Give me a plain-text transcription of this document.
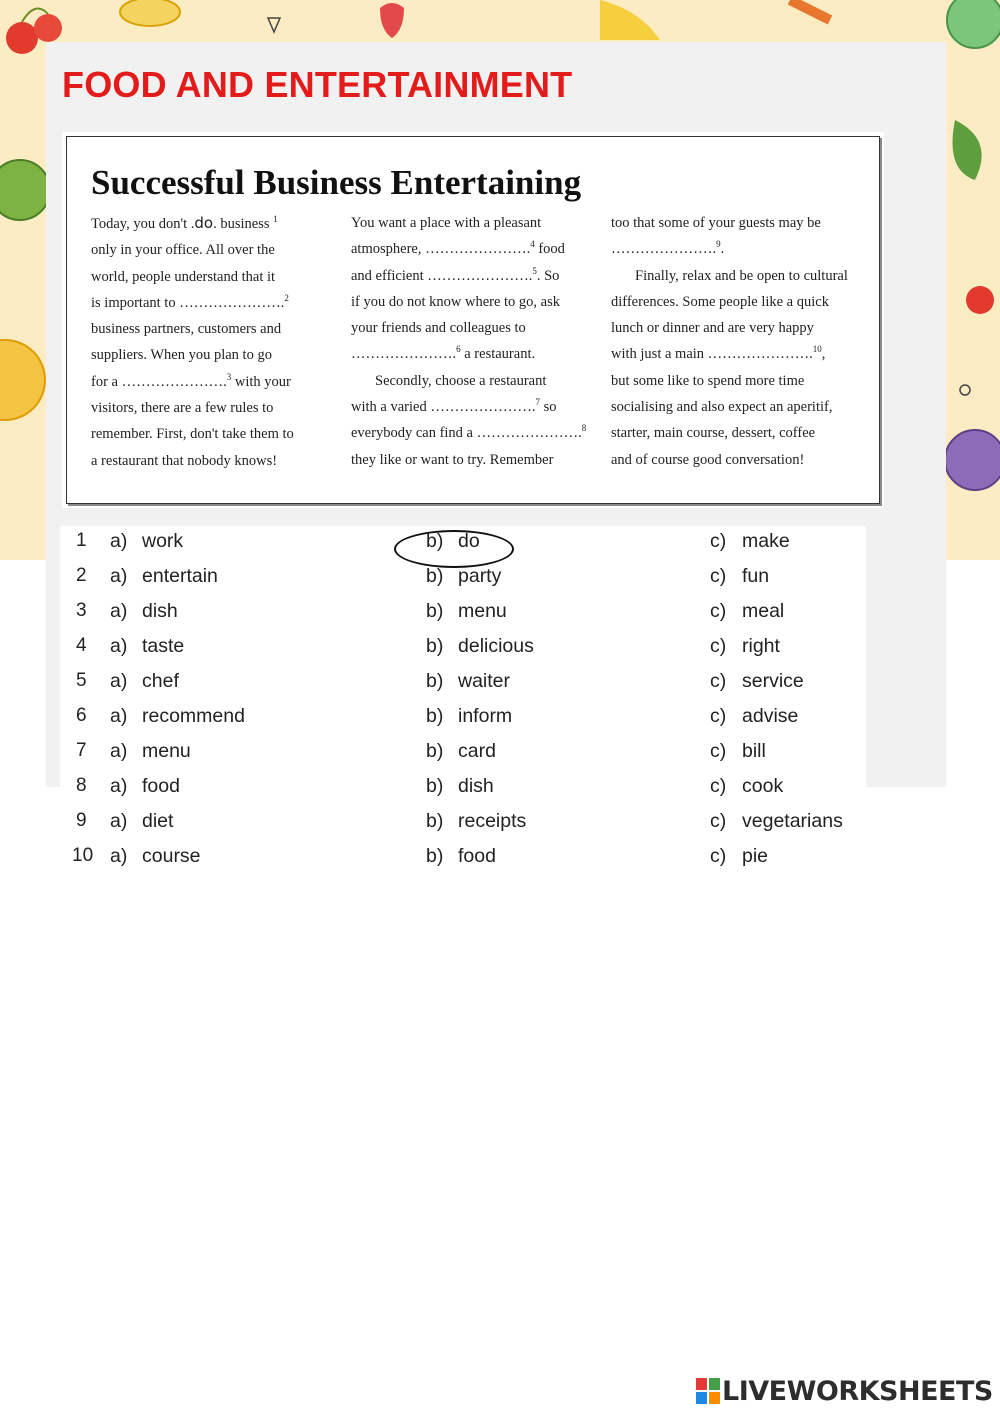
FOOD AND ENTERTAINMENT
Successful Business Entertaining

Today, you don't .do. business $^1$

only in your office. All over the

world, people understand that it

is important to ………………….$^2$

business partners, customers and

suppliers. When you plan to go

for a ………………….$^3$ with your

visitors, there are a few rules to

remember. First, don't take them to

a restaurant that nobody knows!

You want a place with a pleasant

atmosphere, ………………….$^4$ food

and efficient ………………….$^5$. So

if you do not know where to go, ask

your friends and colleagues to

………………….$^6$ a restaurant.

Secondly, choose a restaurant

with a varied ………………….$^7$ so

everybody can find a ………………….$^8$

they like or want to try. Remember

too that some of your guests may be

………………….$^9$.

Finally, relax and be open to cultural

differences. Some people like a quick

lunch or dinner and are very happy

with just a main ………………….$^{10}$,

but some like to spend more time

socialising and also expect an aperitif,

starter, main course, dessert, coffee

and of course good conversation!

1	a) work	b) do	c) make
2	a) entertain	b) party	c) fun
3	a) dish	b) menu	c) meal
4	a) taste	b) delicious	c) right
5	a) chef	b) waiter	c) service
6	a) recommend	b) inform	c) advise
7	a) menu	b) card	c) bill
8	a) food	b) dish	c) cook
9	a) diet	b) receipts	c) vegetarians
10 a) course	b) food	c) pie
LIVEWORKSHEETS
